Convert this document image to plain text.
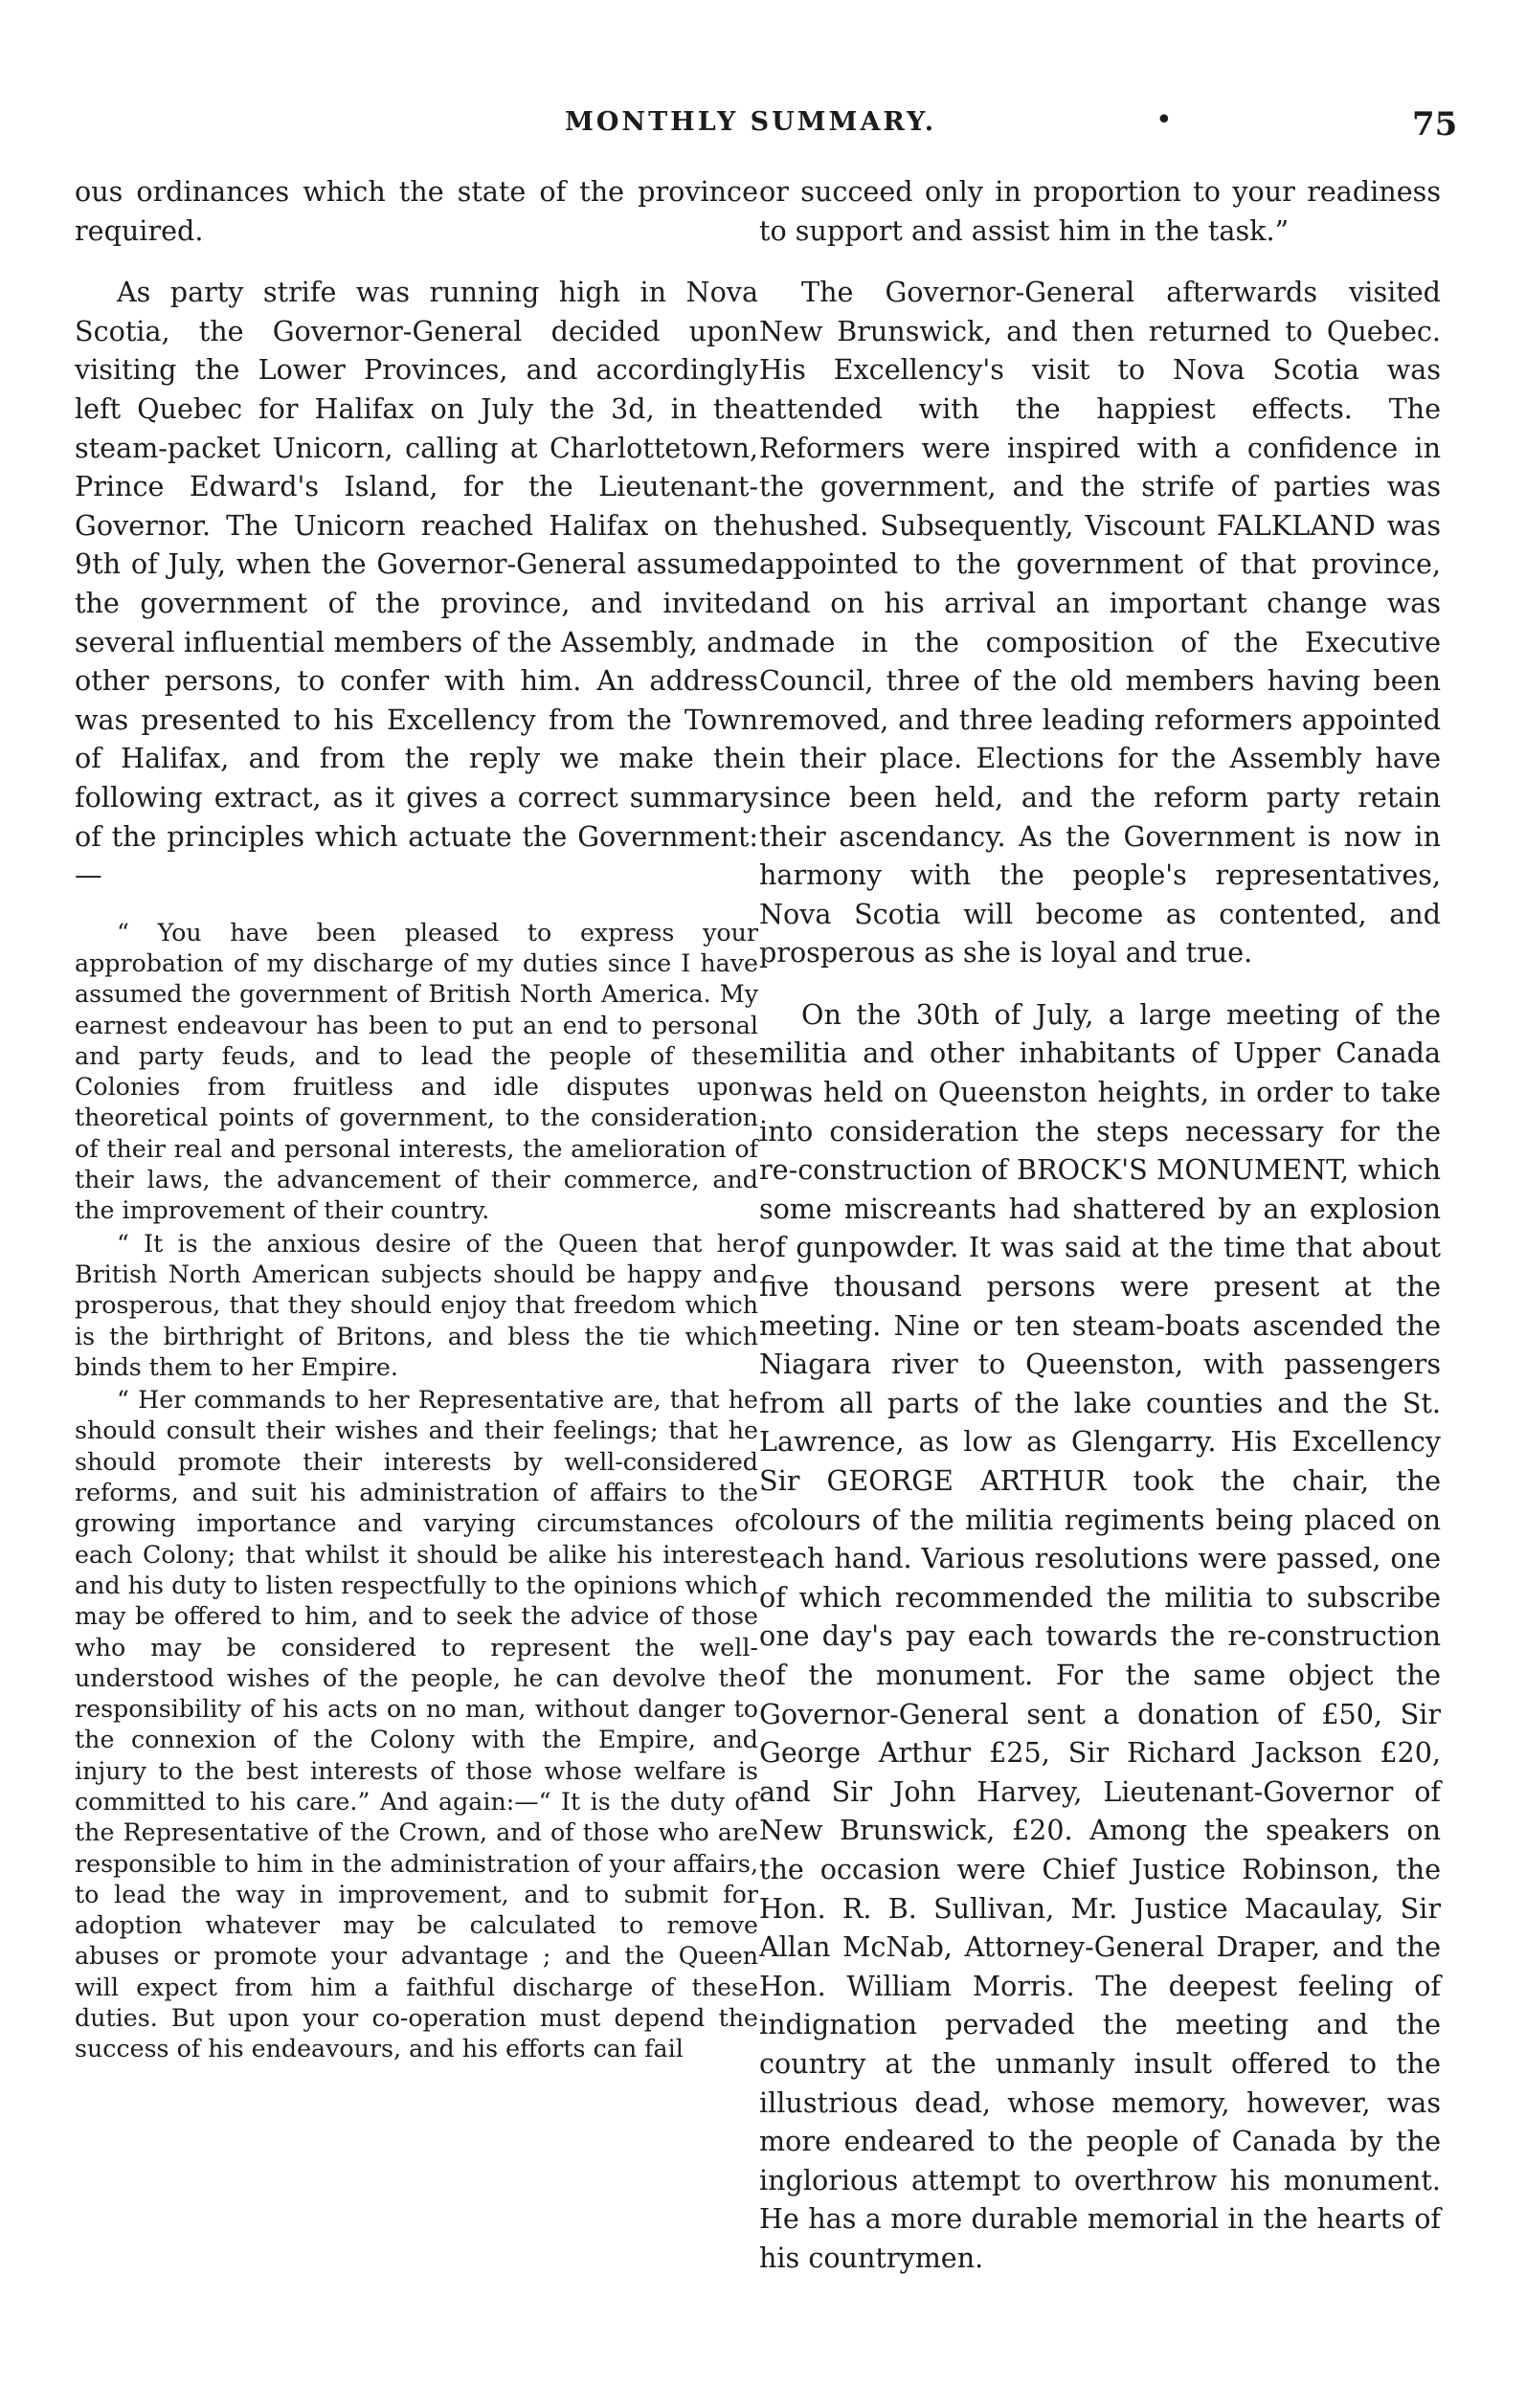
MONTHLY SUMMARY.	•	75

ous ordinances which the state of the province required.

As party strife was running high in Nova Scotia, the Governor-General decided upon visiting the Lower Provinces, and accordingly left Quebec for Halifax on July the 3d, in the steam-packet Unicorn, calling at Charlottetown, Prince Edward's Island, for the Lieutenant-Governor. The Unicorn reached Halifax on the 9th of July, when the Governor-General assumed the government of the province, and invited several influential members of the Assembly, and other persons, to confer with him. An address was presented to his Excellency from the Town of Halifax, and from the reply we make the following extract, as it gives a correct summary of the principles which actuate the Government:—

“ You have been pleased to express your approbation of my discharge of my duties since I have assumed the government of British North America. My earnest endeavour has been to put an end to personal and party feuds, and to lead the people of these Colonies from fruitless and idle disputes upon theoretical points of government, to the consideration of their real and personal interests, the amelioration of their laws, the advancement of their commerce, and the improvement of their country.

“ It is the anxious desire of the Queen that her British North American subjects should be happy and prosperous, that they should enjoy that freedom which is the birthright of Britons, and bless the tie which binds them to her Empire.

“ Her commands to her Representative are, that he should consult their wishes and their feelings; that he should promote their interests by well-considered reforms, and suit his administration of affairs to the growing importance and varying circumstances of each Colony; that whilst it should be alike his interest and his duty to listen respectfully to the opinions which may be offered to him, and to seek the advice of those who may be considered to represent the well-understood wishes of the people, he can devolve the responsibility of his acts on no man, without danger to the connexion of the Colony with the Empire, and injury to the best interests of those whose welfare is committed to his care.” And again:—“ It is the duty of the Representative of the Crown, and of those who are responsible to him in the administration of your affairs, to lead the way in improvement, and to submit for adoption whatever may be calculated to remove abuses or promote your advantage ; and the Queen will expect from him a faithful discharge of these duties. But upon your co-operation must depend the success of his endeavours, and his efforts can fail

or succeed only in proportion to your readiness to support and assist him in the task.”

The Governor-General afterwards visited New Brunswick, and then returned to Quebec. His Excellency's visit to Nova Scotia was attended with the happiest effects. The Reformers were inspired with a confidence in the government, and the strife of parties was hushed. Subsequently, Viscount FALKLAND was appointed to the government of that province, and on his arrival an important change was made in the composition of the Executive Council, three of the old members having been removed, and three leading reformers appointed in their place. Elections for the Assembly have since been held, and the reform party retain their ascendancy. As the Government is now in harmony with the people's representatives, Nova Scotia will become as contented, and prosperous as she is loyal and true.

On the 30th of July, a large meeting of the militia and other inhabitants of Upper Canada was held on Queenston heights, in order to take into consideration the steps necessary for the re-construction of BROCK'S MONUMENT, which some miscreants had shattered by an explosion of gunpowder. It was said at the time that about five thousand persons were present at the meeting. Nine or ten steam-boats ascended the Niagara river to Queenston, with passengers from all parts of the lake counties and the St. Lawrence, as low as Glengarry. His Excellency Sir GEORGE ARTHUR took the chair, the colours of the militia regiments being placed on each hand. Various resolutions were passed, one of which recommended the militia to subscribe one day's pay each towards the re-construction of the monument. For the same object the Governor-General sent a donation of £50, Sir George Arthur £25, Sir Richard Jackson £20, and Sir John Harvey, Lieutenant-Governor of New Brunswick, £20. Among the speakers on the occasion were Chief Justice Robinson, the Hon. R. B. Sullivan, Mr. Justice Macaulay, Sir Allan McNab, Attorney-General Draper, and the Hon. William Morris. The deepest feeling of indignation pervaded the meeting and the country at the unmanly insult offered to the illustrious dead, whose memory, however, was more endeared to the people of Canada by the inglorious attempt to overthrow his monument. He has a more durable memorial in the hearts of his countrymen.
